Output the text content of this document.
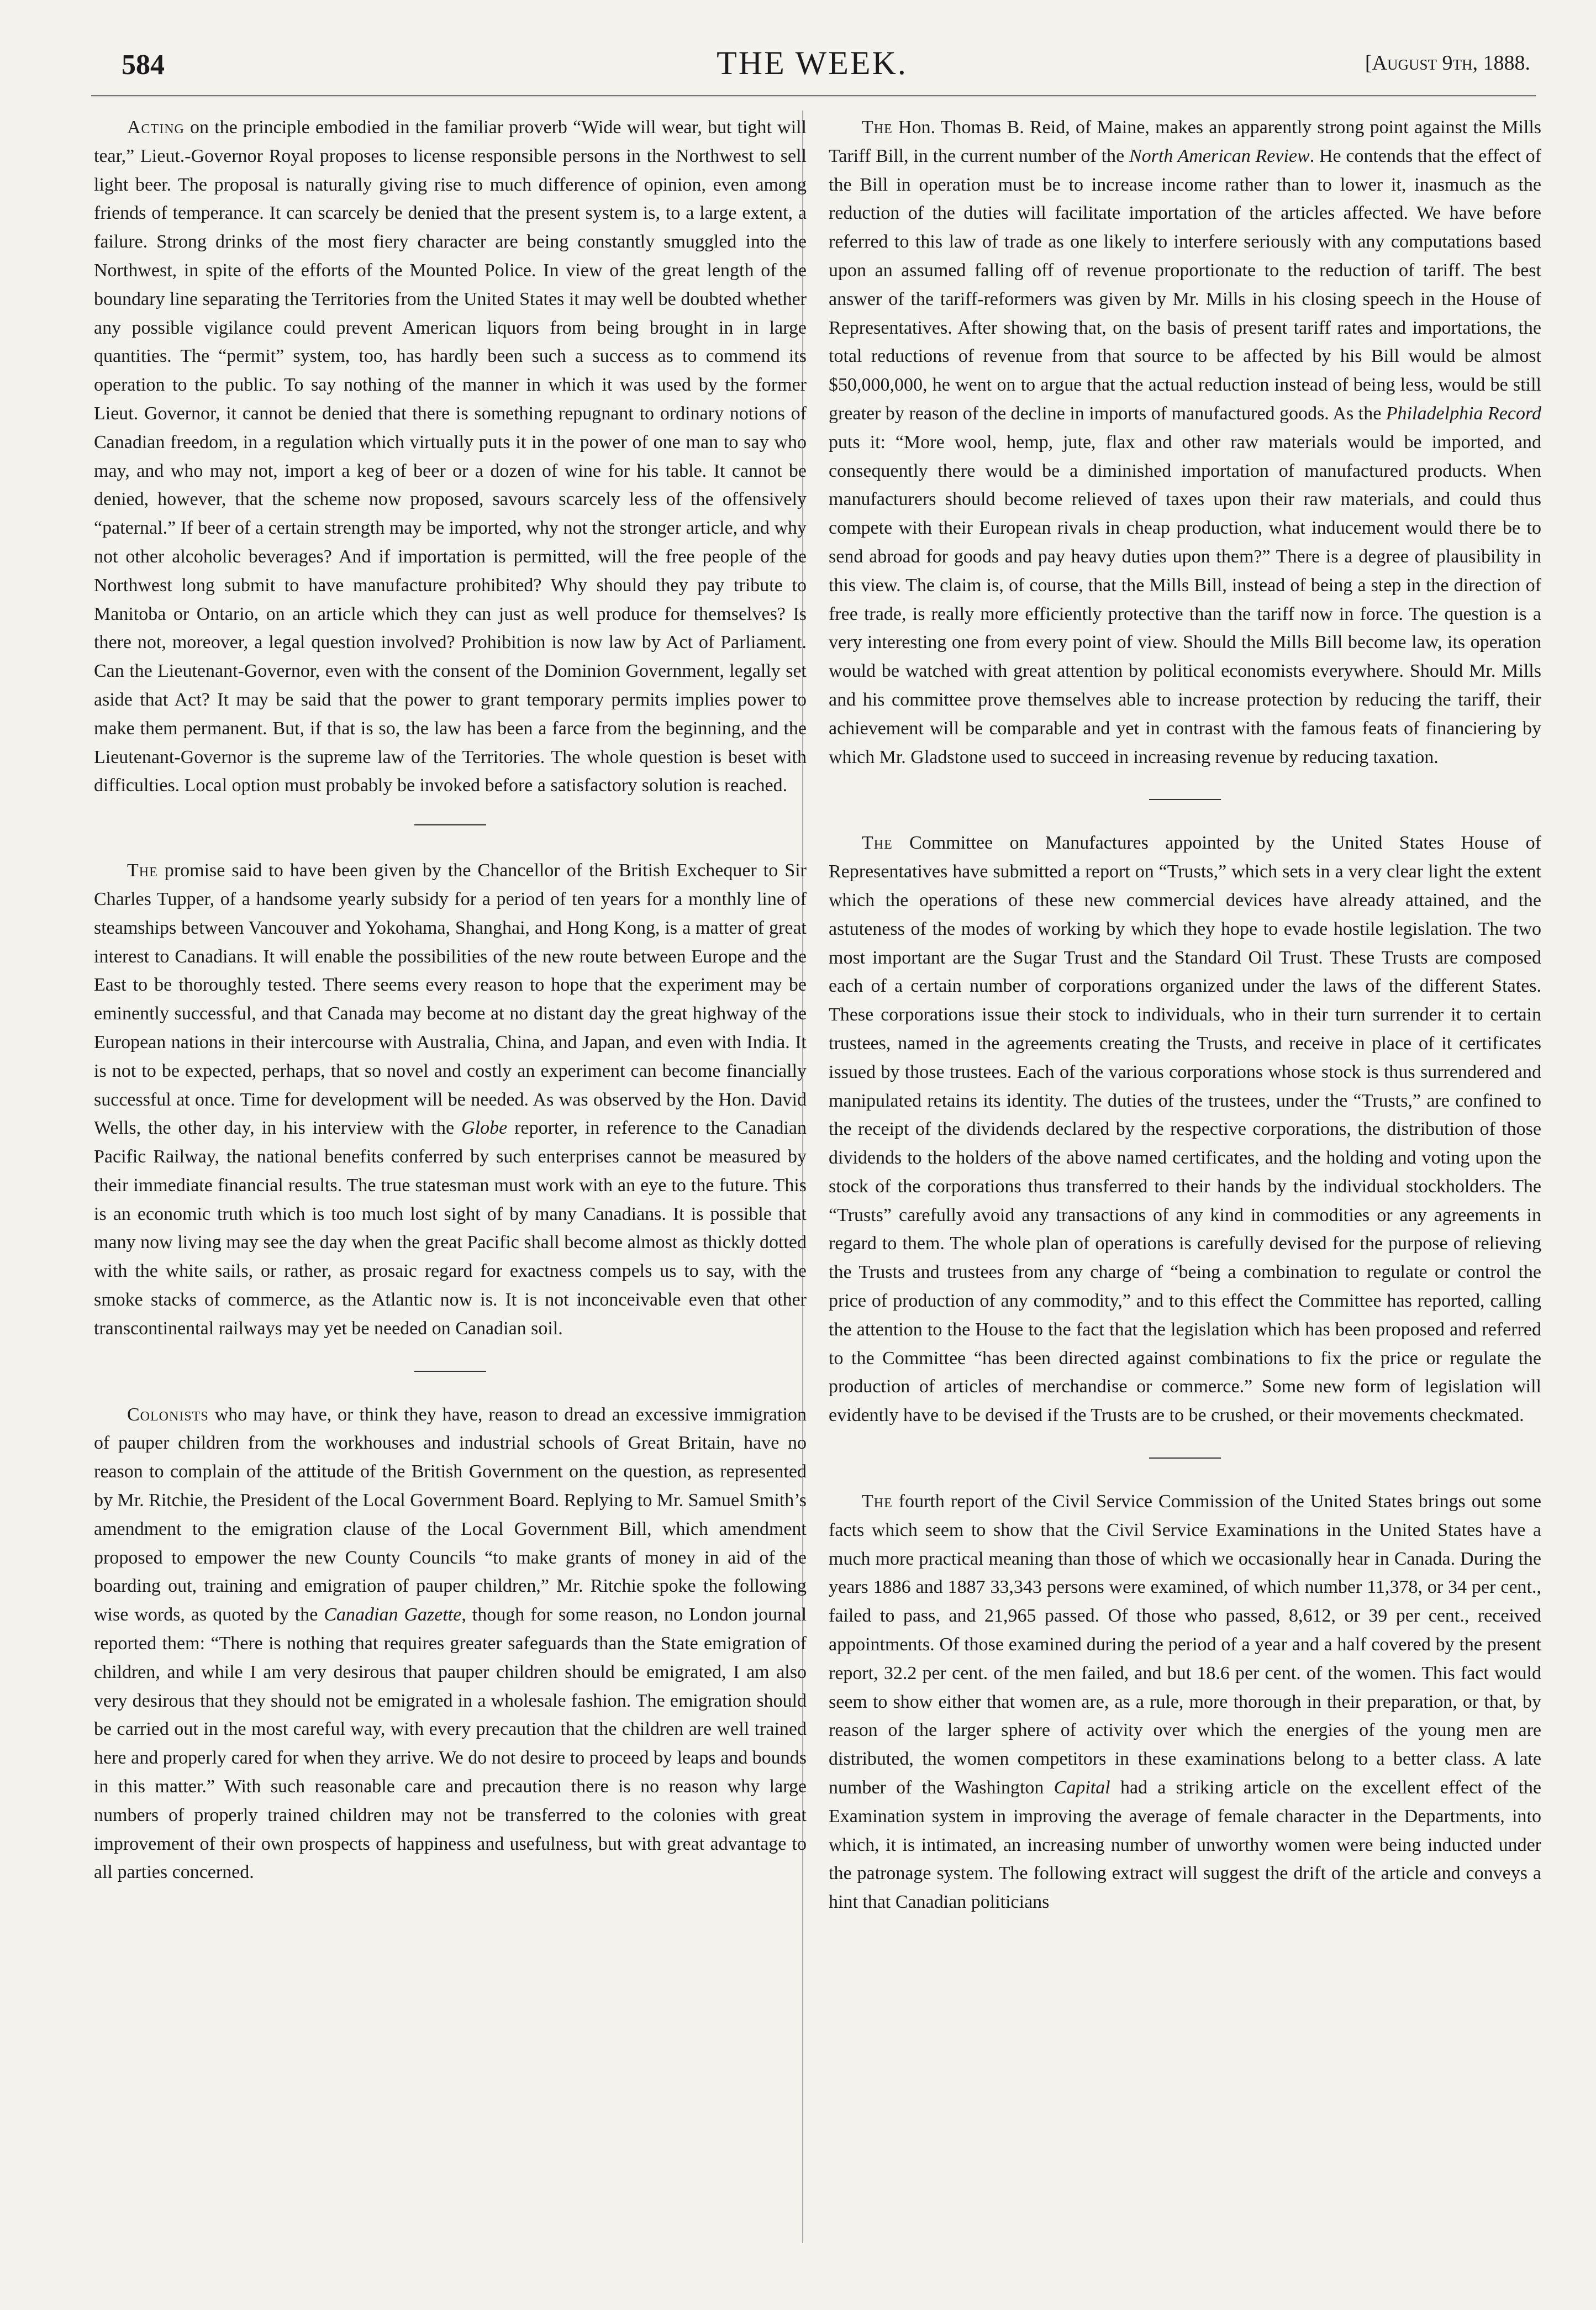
584	THE WEEK.	[August 9th, 1888.

Acting on the principle embodied in the familiar proverb “Wide will wear, but tight will tear,” Lieut.-Governor Royal proposes to license responsible persons in the Northwest to sell light beer. The proposal is naturally giving rise to much difference of opinion, even among friends of temperance. It can scarcely be denied that the present system is, to a large extent, a failure. Strong drinks of the most fiery character are being constantly smuggled into the Northwest, in spite of the efforts of the Mounted Police. In view of the great length of the boundary line separating the Territories from the United States it may well be doubted whether any possible vigilance could prevent American liquors from being brought in in large quantities. The “permit” system, too, has hardly been such a success as to commend its operation to the public. To say nothing of the manner in which it was used by the former Lieut. Governor, it cannot be denied that there is something repugnant to ordinary notions of Canadian freedom, in a regulation which virtually puts it in the power of one man to say who may, and who may not, import a keg of beer or a dozen of wine for his table. It cannot be denied, however, that the scheme now proposed, savours scarcely less of the offensively “paternal.” If beer of a certain strength may be imported, why not the stronger article, and why not other alcoholic beverages? And if importation is permitted, will the free people of the Northwest long submit to have manufacture prohibited? Why should they pay tribute to Manitoba or Ontario, on an article which they can just as well produce for themselves? Is there not, moreover, a legal question involved? Prohibition is now law by Act of Parliament. Can the Lieutenant-Governor, even with the consent of the Dominion Government, legally set aside that Act? It may be said that the power to grant temporary permits implies power to make them permanent. But, if that is so, the law has been a farce from the beginning, and the Lieutenant-Governor is the supreme law of the Territories. The whole question is beset with difficulties. Local option must probably be invoked before a satisfactory solution is reached.

The promise said to have been given by the Chancellor of the British Exchequer to Sir Charles Tupper, of a handsome yearly subsidy for a period of ten years for a monthly line of steamships between Vancouver and Yokohama, Shanghai, and Hong Kong, is a matter of great interest to Canadians. It will enable the possibilities of the new route between Europe and the East to be thoroughly tested. There seems every reason to hope that the experiment may be eminently successful, and that Canada may become at no distant day the great highway of the European nations in their intercourse with Australia, China, and Japan, and even with India. It is not to be expected, perhaps, that so novel and costly an experiment can become financially successful at once. Time for development will be needed. As was observed by the Hon. David Wells, the other day, in his interview with the Globe reporter, in reference to the Canadian Pacific Railway, the national benefits conferred by such enterprises cannot be measured by their immediate financial results. The true statesman must work with an eye to the future. This is an economic truth which is too much lost sight of by many Canadians. It is possible that many now living may see the day when the great Pacific shall become almost as thickly dotted with the white sails, or rather, as prosaic regard for exactness compels us to say, with the smoke stacks of commerce, as the Atlantic now is. It is not inconceivable even that other transcontinental railways may yet be needed on Canadian soil.

Colonists who may have, or think they have, reason to dread an excessive immigration of pauper children from the workhouses and industrial schools of Great Britain, have no reason to complain of the attitude of the British Government on the question, as represented by Mr. Ritchie, the President of the Local Government Board. Replying to Mr. Samuel Smith’s amendment to the emigration clause of the Local Government Bill, which amendment proposed to empower the new County Councils “to make grants of money in aid of the boarding out, training and emigration of pauper children,” Mr. Ritchie spoke the following wise words, as quoted by the Canadian Gazette, though for some reason, no London journal reported them: “There is nothing that requires greater safeguards than the State emigration of children, and while I am very desirous that pauper children should be emigrated, I am also very desirous that they should not be emigrated in a wholesale fashion. The emigration should be carried out in the most careful way, with every precaution that the children are well trained here and properly cared for when they arrive. We do not desire to proceed by leaps and bounds in this matter.” With such reasonable care and precaution there is no reason why large numbers of properly trained children may not be transferred to the colonies with great improvement of their own prospects of happiness and usefulness, but with great advantage to all parties concerned.

The Hon. Thomas B. Reid, of Maine, makes an apparently strong point against the Mills Tariff Bill, in the current number of the North American Review. He contends that the effect of the Bill in operation must be to increase income rather than to lower it, inasmuch as the reduction of the duties will facilitate importation of the articles affected. We have before referred to this law of trade as one likely to interfere seriously with any computations based upon an assumed falling off of revenue proportionate to the reduction of tariff. The best answer of the tariff-reformers was given by Mr. Mills in his closing speech in the House of Representatives. After showing that, on the basis of present tariff rates and importations, the total reductions of revenue from that source to be affected by his Bill would be almost $50,000,000, he went on to argue that the actual reduction instead of being less, would be still greater by reason of the decline in imports of manufactured goods. As the Philadelphia Record puts it: “More wool, hemp, jute, flax and other raw materials would be imported, and consequently there would be a diminished importation of manufactured products. When manufacturers should become relieved of taxes upon their raw materials, and could thus compete with their European rivals in cheap production, what inducement would there be to send abroad for goods and pay heavy duties upon them?” There is a degree of plausibility in this view. The claim is, of course, that the Mills Bill, instead of being a step in the direction of free trade, is really more efficiently protective than the tariff now in force. The question is a very interesting one from every point of view. Should the Mills Bill become law, its operation would be watched with great attention by political economists everywhere. Should Mr. Mills and his committee prove themselves able to increase protection by reducing the tariff, their achievement will be comparable and yet in contrast with the famous feats of financiering by which Mr. Gladstone used to succeed in increasing revenue by reducing taxation.

The Committee on Manufactures appointed by the United States House of Representatives have submitted a report on “Trusts,” which sets in a very clear light the extent which the operations of these new commercial devices have already attained, and the astuteness of the modes of working by which they hope to evade hostile legislation. The two most important are the Sugar Trust and the Standard Oil Trust. These Trusts are composed each of a certain number of corporations organized under the laws of the different States. These corporations issue their stock to individuals, who in their turn surrender it to certain trustees, named in the agreements creating the Trusts, and receive in place of it certificates issued by those trustees. Each of the various corporations whose stock is thus surrendered and manipulated retains its identity. The duties of the trustees, under the “Trusts,” are confined to the receipt of the dividends declared by the respective corporations, the distribution of those dividends to the holders of the above named certificates, and the holding and voting upon the stock of the corporations thus transferred to their hands by the individual stockholders. The “Trusts” carefully avoid any transactions of any kind in commodities or any agreements in regard to them. The whole plan of operations is carefully devised for the purpose of relieving the Trusts and trustees from any charge of “being a combination to regulate or control the price of production of any commodity,” and to this effect the Committee has reported, calling the attention to the House to the fact that the legislation which has been proposed and referred to the Committee “has been directed against combinations to fix the price or regulate the production of articles of merchandise or commerce.” Some new form of legislation will evidently have to be devised if the Trusts are to be crushed, or their movements checkmated.

The fourth report of the Civil Service Commission of the United States brings out some facts which seem to show that the Civil Service Examinations in the United States have a much more practical meaning than those of which we occasionally hear in Canada. During the years 1886 and 1887 33,343 persons were examined, of which number 11,378, or 34 per cent., failed to pass, and 21,965 passed. Of those who passed, 8,612, or 39 per cent., received appointments. Of those examined during the period of a year and a half covered by the present report, 32.2 per cent. of the men failed, and but 18.6 per cent. of the women. This fact would seem to show either that women are, as a rule, more thorough in their preparation, or that, by reason of the larger sphere of activity over which the energies of the young men are distributed, the women competitors in these examinations belong to a better class. A late number of the Washington Capital had a striking article on the excellent effect of the Examination system in improving the average of female character in the Departments, into which, it is intimated, an increasing number of unworthy women were being inducted under the patronage system. The following extract will suggest the drift of the article and conveys a hint that Canadian politicians
